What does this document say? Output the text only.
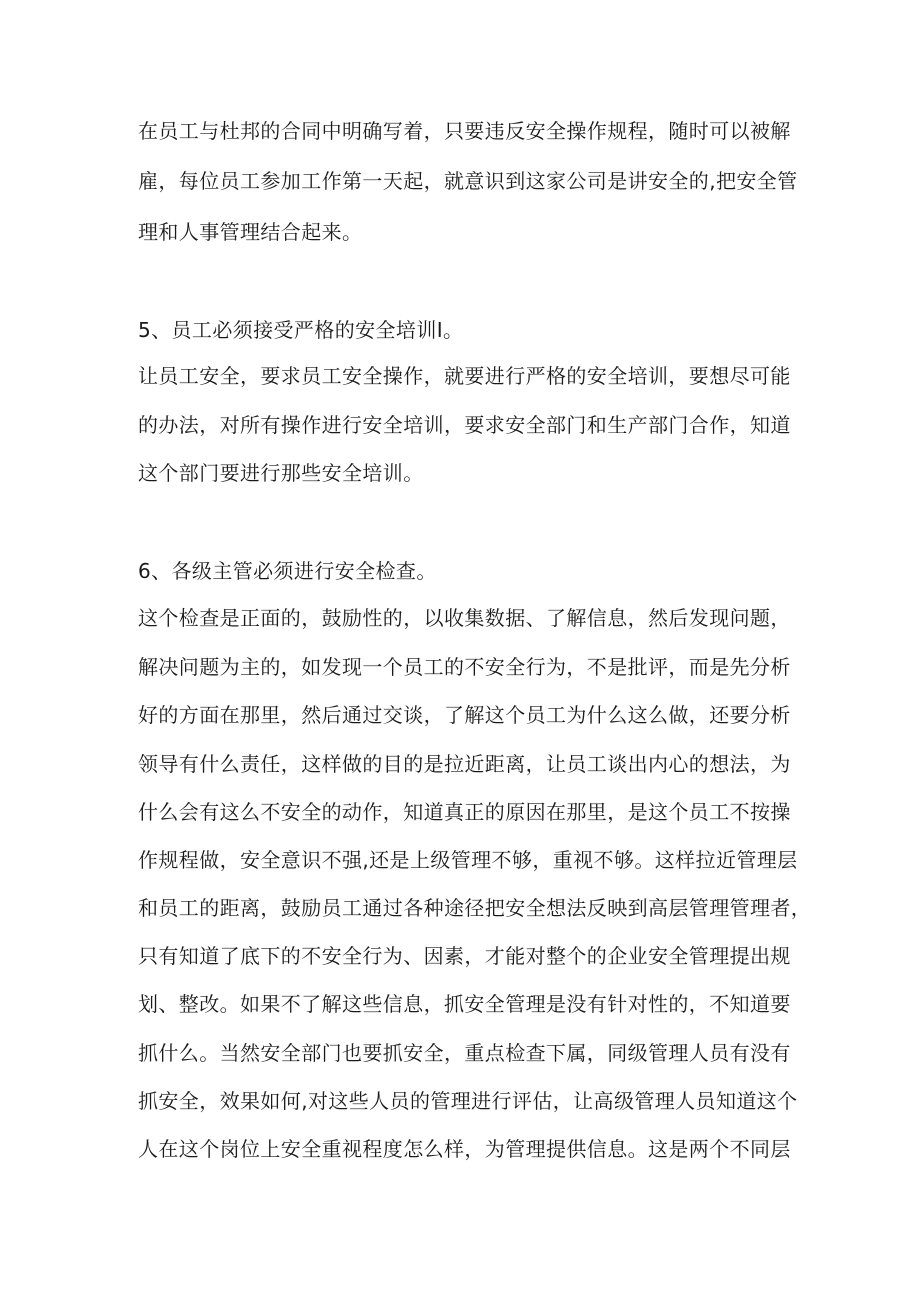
在员工与杜邦的合同中明确写着，只要违反安全操作规程，随时可以被解
雇，每位员工参加工作第一天起，就意识到这家公司是讲安全的,把安全管
理和人事管理结合起来。
5、员工必须接受严格的安全培训I。
让员工安全，要求员工安全操作，就要进行严格的安全培训，要想尽可能
的办法，对所有操作进行安全培训，要求安全部门和生产部门合作，知道
这个部门要进行那些安全培训。
6、各级主管必须进行安全检查。
这个检查是正面的，鼓励性的，以收集数据、了解信息，然后发现问题，
解决问题为主的，如发现一个员工的不安全行为，不是批评，而是先分析
好的方面在那里，然后通过交谈，了解这个员工为什么这么做，还要分析
领导有什么责任，这样做的目的是拉近距离，让员工谈出内心的想法，为
什么会有这么不安全的动作，知道真正的原因在那里，是这个员工不按操
作规程做，安全意识不强,还是上级管理不够，重视不够。这样拉近管理层
和员工的距离，鼓励员工通过各种途径把安全想法反映到高层管理管理者，
只有知道了底下的不安全行为、因素，才能对整个的企业安全管理提出规
划、整改。如果不了解这些信息，抓安全管理是没有针对性的，不知道要
抓什么。当然安全部门也要抓安全，重点检查下属，同级管理人员有没有
抓安全，效果如何,对这些人员的管理进行评估，让高级管理人员知道这个
人在这个岗位上安全重视程度怎么样，为管理提供信息。这是两个不同层
